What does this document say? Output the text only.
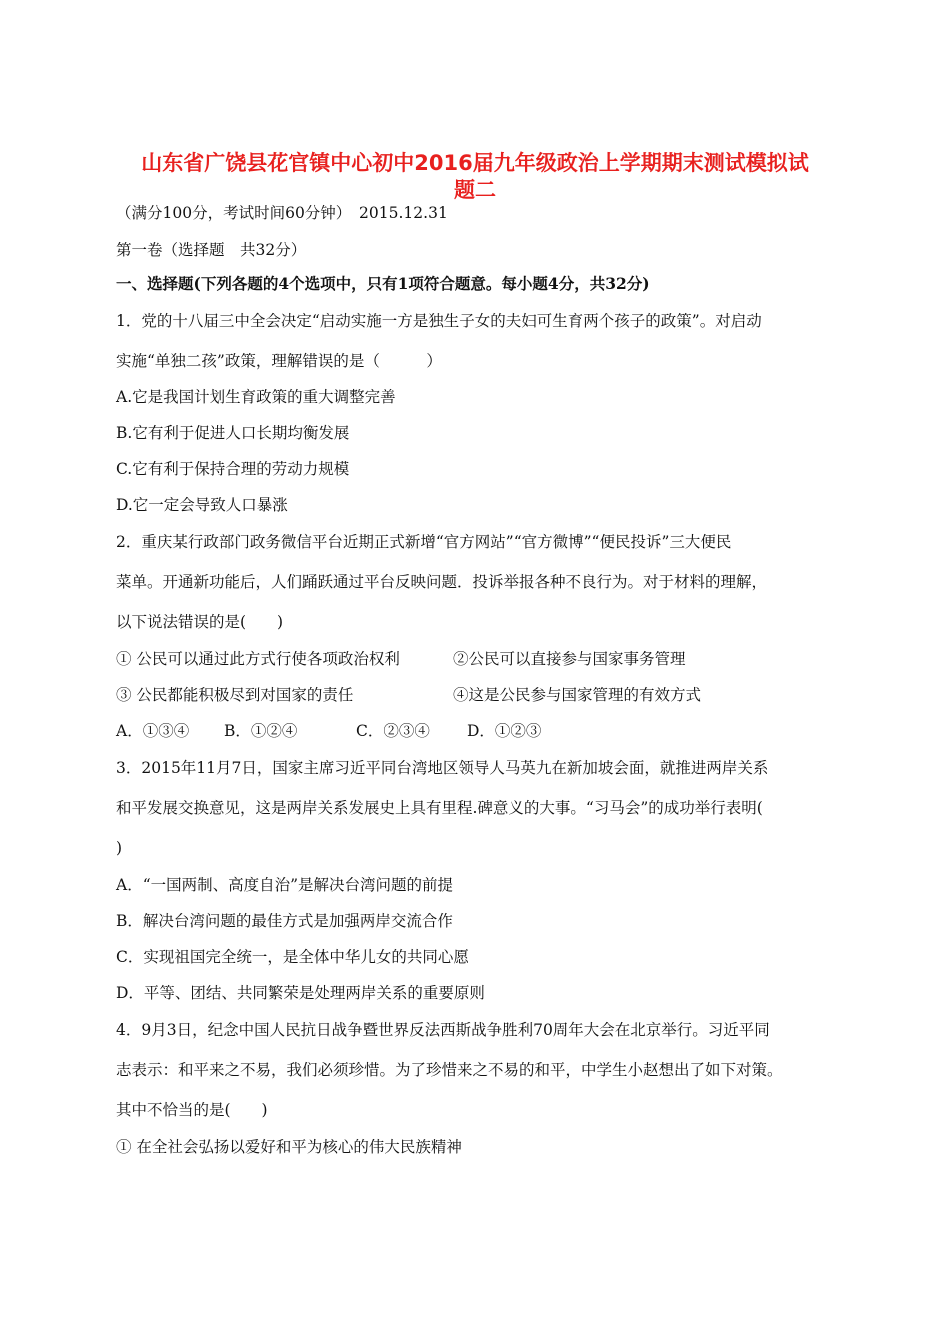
山东省广饶县花官镇中心初中2016届九年级政治上学期期末测试模拟试
题二
（满分100分，考试时间60分钟）　2015.12.31
第一卷（选择题　共32分）
一、选择题(下列各题的4个选项中，只有1项符合题意。每小题4分，共32分)
1．党的十八届三中全会决定“启动实施一方是独生子女的夫妇可生育两个孩子的政策”。对启动
实施“单独二孩”政策，理解错误的是（　　　）
A.它是我国计划生育政策的重大调整完善
B.它有利于促进人口长期均衡发展
C.它有利于保持合理的劳动力规模
D.它一定会导致人口暴涨
2．重庆某行政部门政务微信平台近期正式新增“官方网站”“官方微博”“便民投诉”三大便民
菜单。开通新功能后，人们踊跃通过平台反映问题．投诉举报各种不良行为。对于材料的理解，
以下说法错误的是(　　)
① 公民可以通过此方式行使各项政治权利	②公民可以直接参与国家事务管理
③ 公民都能积极尽到对国家的责任	④这是公民参与国家管理的有效方式
A．①③④ B．①②④	C．②③④ D．①②③
3．2015年11月7日，国家主席习近平同台湾地区领导人马英九在新加坡会面，就推进两岸关系
和平发展交换意见，这是两岸关系发展史上具有里程.碑意义的大事。“习马会”的成功举行表明(
)
A．“一国两制、高度自治”是解决台湾问题的前提
B．解决台湾问题的最佳方式是加强两岸交流合作
C．实现祖国完全统一，是全体中华儿女的共同心愿
D．平等、团结、共同繁荣是处理两岸关系的重要原则
4．9月3日，纪念中国人民抗日战争暨世界反法西斯战争胜利70周年大会在北京举行。习近平同
志表示：和平来之不易，我们必须珍惜。为了珍惜来之不易的和平，中学生小赵想出了如下对策。
其中不恰当的是(　　)
① 在全社会弘扬以爱好和平为核心的伟大民族精神
